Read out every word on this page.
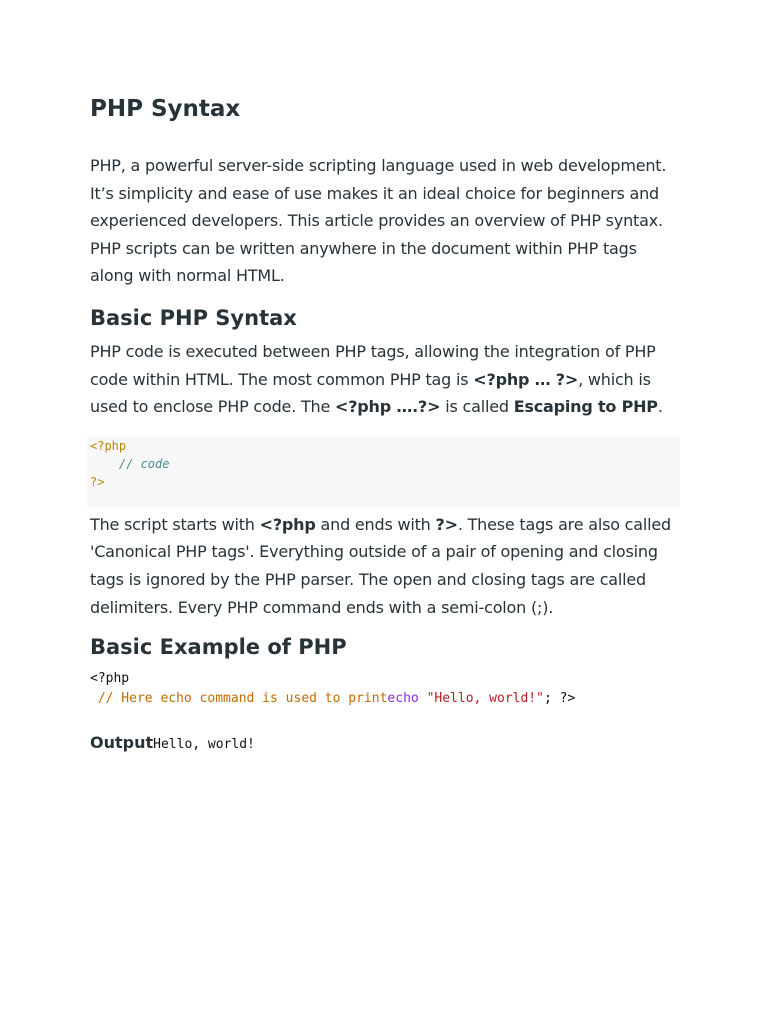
PHP Syntax

PHP, a powerful server-side scripting language used in web development. It’s simplicity and ease of use makes it an ideal choice for beginners and experienced developers. This article provides an overview of PHP syntax. PHP scripts can be written anywhere in the document within PHP tags along with normal HTML.

Basic PHP Syntax

PHP code is executed between PHP tags, allowing the integration of PHP code within HTML. The most common PHP tag is <?php … ?>, which is used to enclose PHP code. The <?php ….?> is called Escaping to PHP.

<?php
// code
?>

The script starts with <?php and ends with ?>. These tags are also called 'Canonical PHP tags'. Everything outside of a pair of opening and closing tags is ignored by the PHP parser. The open and closing tags are called delimiters. Every PHP command ends with a semi-colon (;).

Basic Example of PHP
<?php
// Here echo command is used to printecho "Hello, world!"; ?>
OutputHello, world!
